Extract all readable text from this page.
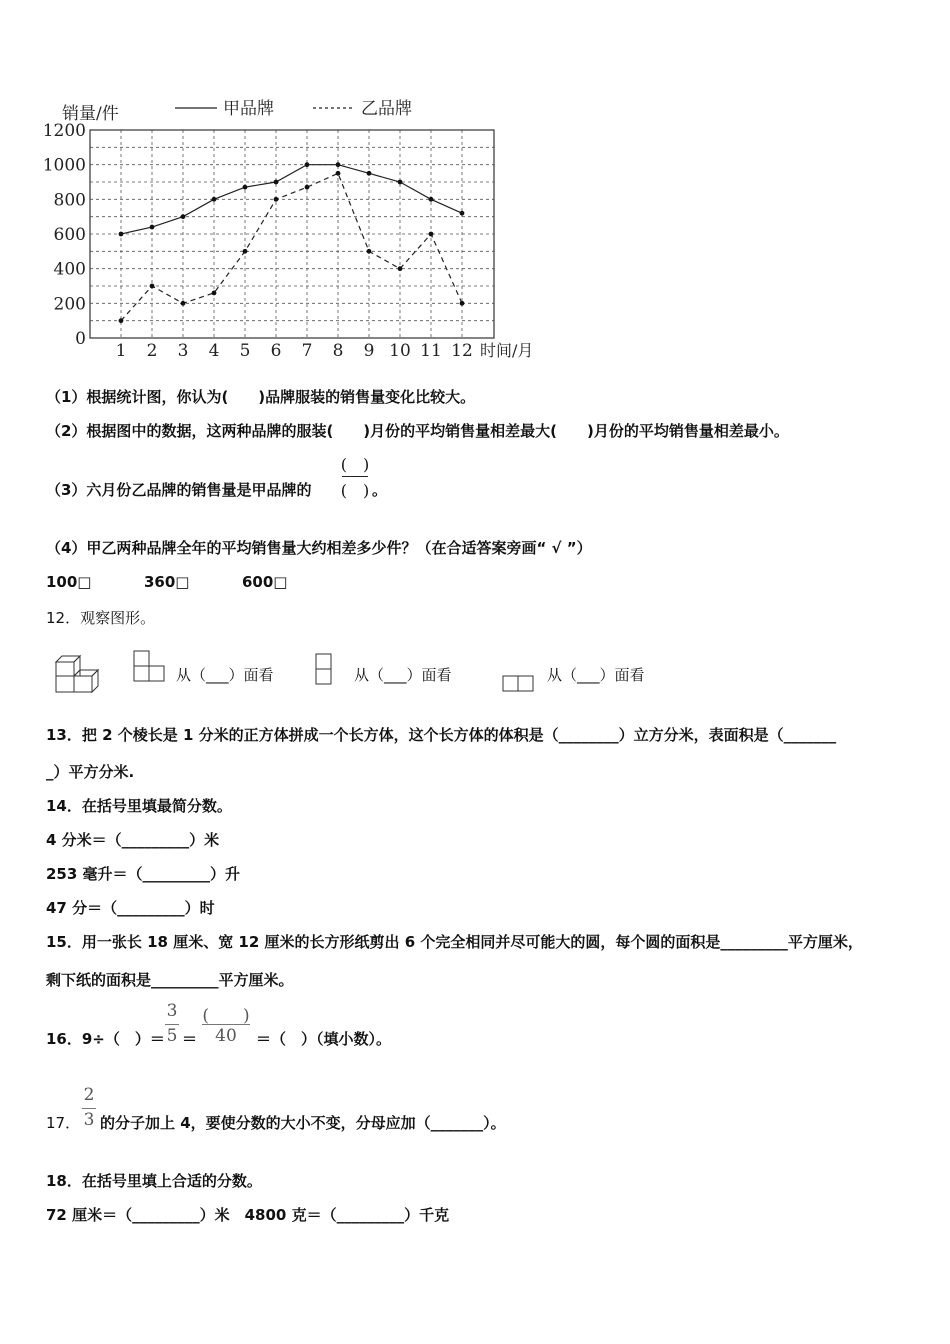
销量/件	甲品牌	乙品牌
0
200
400
600
800
1000
1200
1 2 3 4 5 6 7 8 9 10 11 12 时间/月
（1）根据统计图，你认为(　　)品牌服装的销售量变化比较大。
（2）根据图中的数据，这两种品牌的服装(　　)月份的平均销售量相差最大(　　)月份的平均销售量相差最小。
（3）六月份乙品牌的销售量是甲品牌的
(　)
(　) 。
（4）甲乙两种品牌全年的平均销售量大约相差多少件？（在合适答案旁画“ √ ”）
100□	360□	600□
12．观察图形。
从（___）面看	从（___）面看	从（___）面看
13．把 2 个棱长是 1 分米的正方体拼成一个长方体，这个长方体的体积是（________）立方分米，表面积是（_______
_）平方分米.
14．在括号里填最简分数。
4 分米＝（_________）米
253 毫升＝（_________）升
47 分＝（_________）时
15．用一张长 18 厘米、宽 12 厘米的长方形纸剪出 6 个完全相同并尽可能大的圆，每个圆的面积是_________平方厘米，
剩下纸的面积是_________平方厘米。
16．9÷（　）＝
3
5 ＝
(　　)
40	＝（　）（填小数）。
17．
2
3 的分子加上 4，要使分数的大小不变，分母应加（_______）。
18．在括号里填上合适的分数。
72 厘米＝（_________）米　4800 克＝（_________）千克
